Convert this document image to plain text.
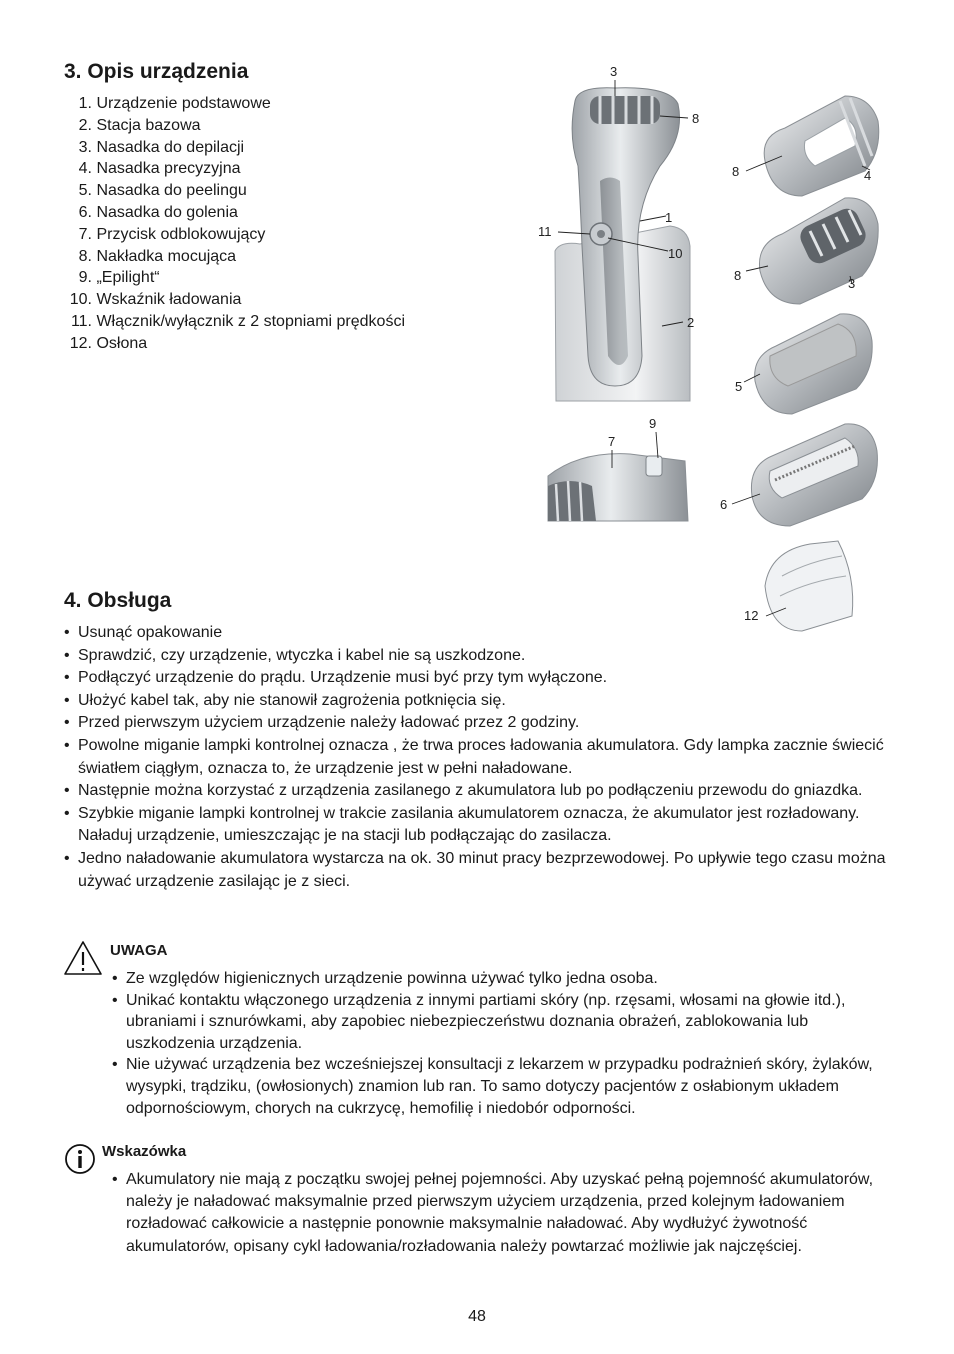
3. Opis urządzenia
1. Urządzenie podstawowe
2. Stacja bazowa
3. Nasadka do depilacji
4. Nasadka precyzyjna
5. Nasadka do peelingu
6. Nasadka do golenia
7. Przycisk odblokowujący
8. Nakładka mocująca
9. „Epilight“
10. Wskaźnik ładowania
11. Włącznik/wyłącznik z 2 stopniami prędkości
12. Osłona
3
8
1
11
10
2
8	4
8
3
5
9
7
6
12
4. Obsługa
• Usunąć opakowanie
• Sprawdzić, czy urządzenie, wtyczka i kabel nie są uszkodzone.
• Podłączyć urządzenie do prądu. Urządzenie musi być przy tym wyłączone.
• Ułożyć kabel tak, aby nie stanowił zagrożenia potknięcia się.
• Przed pierwszym użyciem urządzenie należy ładować przez 2 godziny.
• Powolne miganie lampki kontrolnej oznacza , że trwa proces ładowania akumulatora. Gdy lampka zacznie świecić światłem ciągłym, oznacza to, że urządzenie jest w pełni naładowane.
• Następnie można korzystać z urządzenia zasilanego z akumulatora lub po podłączeniu przewodu do gniazdka.
• Szybkie miganie lampki kontrolnej w trakcie zasilania akumulatorem oznacza, że akumulator jest rozładowany. Naładuj urządzenie, umieszczając je na stacji lub podłączając do zasilacza.
• Jedno naładowanie akumulatora wystarcza na ok. 30 minut pracy bezprzewodowej. Po upływie tego czasu można używać urządzenie zasilając je z sieci.
UWAGA
• Ze względów higienicznych urządzenie powinna używać tylko jedna osoba.
• Unikać kontaktu włączonego urządzenia z innymi partiami skóry (np. rzęsami, włosami na głowie itd.), ubraniami i sznurówkami, aby zapobiec niebezpieczeństwu doznania obrażeń, zablokowania lub uszkodzenia urządzenia.
• Nie używać urządzenia bez wcześniejszej konsultacji z lekarzem w przypadku podrażnień skóry, żylaków, wysypki, trądziku, (owłosionych) znamion lub ran. To samo dotyczy pacjentów z osłabionym układem odpornościowym, chorych na cukrzycę, hemofilię i niedobór odporności.
Wskazówka
• Akumulatory nie mają z początku swojej pełnej pojemności. Aby uzyskać pełną pojemność akumulatorów, należy je naładować maksymalnie przed pierwszym użyciem urządzenia, przed kolejnym ładowaniem rozładować całkowicie a następnie ponownie maksymalnie naładować. Aby wydłużyć żywotność akumulatorów, opisany cykl ładowania/rozładowania należy powtarzać możliwie jak najczęściej.
48
